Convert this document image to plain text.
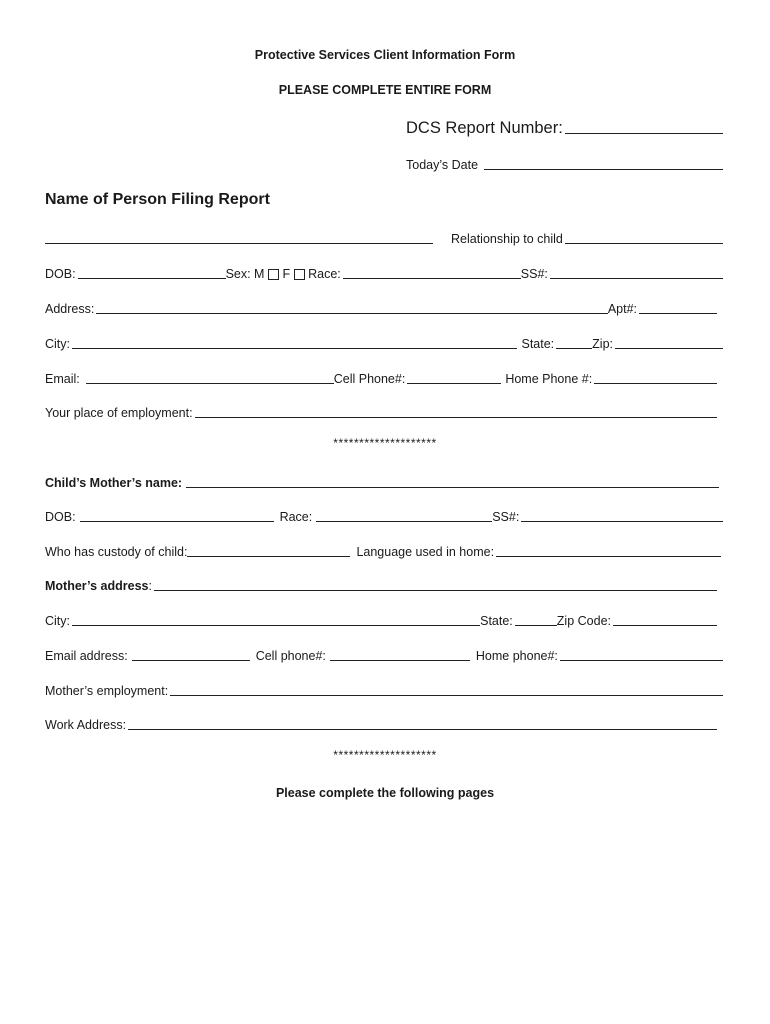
Protective Services Client Information Form
PLEASE COMPLETE ENTIRE FORM
DCS Report Number:
Today’s Date
Name of Person Filing Report
Relationship to child
DOB:	Sex: M F Race:	SS#:
Address:	Apt#:
City:	State:	Zip:
Email:	Cell Phone#:	Home Phone #:
Your place of employment:
********************
Child’s Mother’s name:
DOB:	Race:	SS#:
Who has custody of child:	Language used in home:
Mother’s address :
City:	State:	Zip Code:
Email address:	Cell phone#:	Home phone#:
Mother’s employment:
Work Address:
********************
Please complete the following pages
